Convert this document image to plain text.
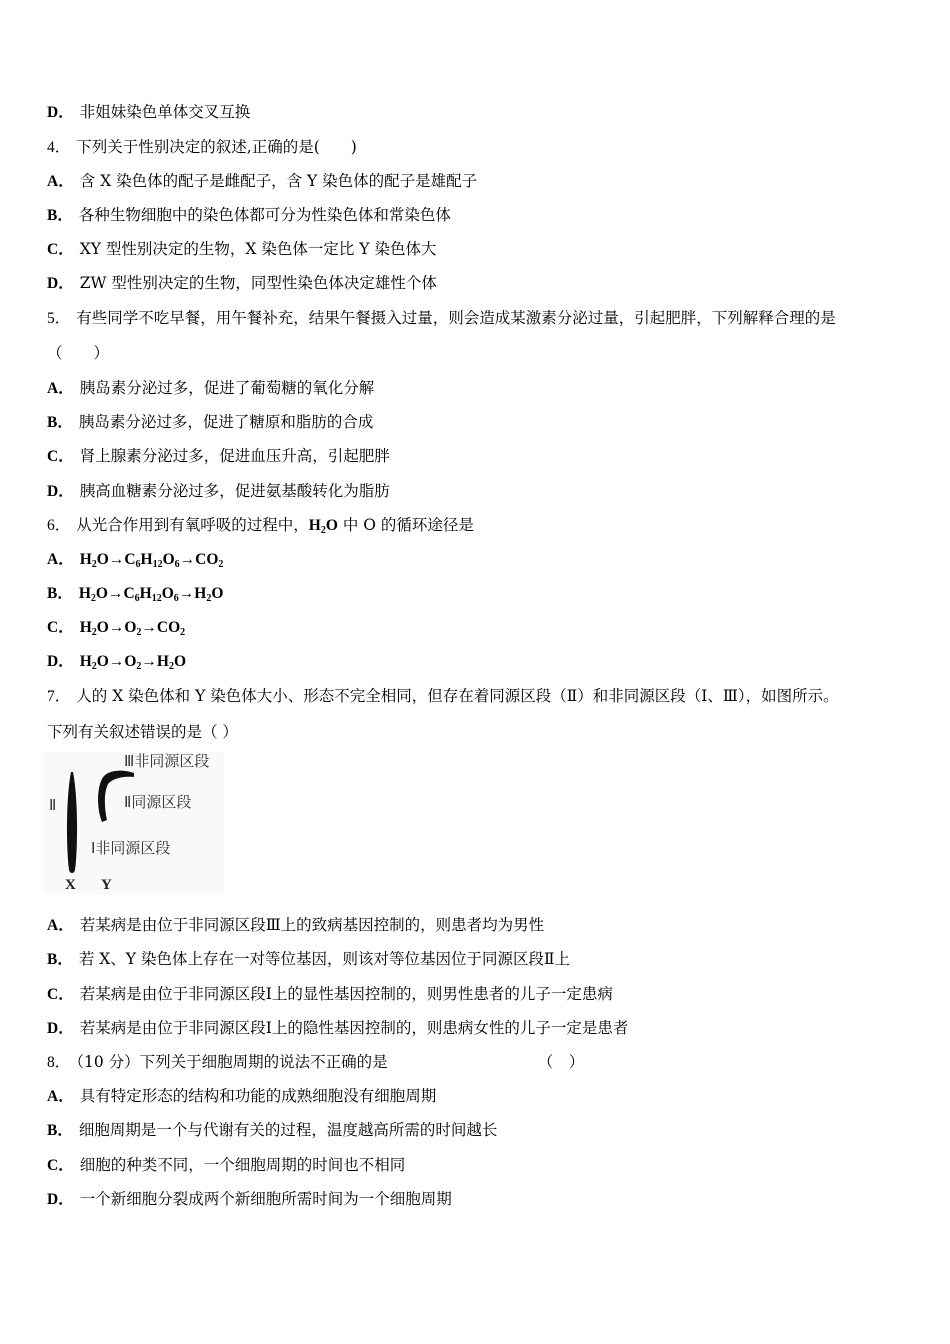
D． 非姐妹染色单体交叉互换
4． 下列关于性别决定的叙述,正确的是(　　)
A． 含 X 染色体的配子是雌配子，含 Y 染色体的配子是雄配子
B． 各种生物细胞中的染色体都可分为性染色体和常染色体
C． XY 型性别决定的生物，X 染色体一定比 Y 染色体大
D． ZW 型性别决定的生物，同型性染色体决定雄性个体
5． 有些同学不吃早餐，用午餐补充，结果午餐摄入过量，则会造成某激素分泌过量，引起肥胖，下列解释合理的是
（　　）
A． 胰岛素分泌过多，促进了葡萄糖的氧化分解
B． 胰岛素分泌过多，促进了糖原和脂肪的合成
C． 肾上腺素分泌过多，促进血压升高，引起肥胖
D． 胰高血糖素分泌过多，促进氨基酸转化为脂肪
6． 从光合作用到有氧呼吸的过程中，$H_2O$ 中 O 的循环途径是
A． $H_2O\to C_6H_{12}O_6\to CO_2$
B． $H_2O\to C_6H_{12}O_6\to H_2O$
C． $H_2O\to O_2\to CO_2$
D． $H_2O\to O_2\to H_2O$
7． 人的 X 染色体和 Y 染色体大小、形态不完全相同，但存在着同源区段（Ⅱ）和非同源区段（Ⅰ、Ⅲ），如图所示。
下列有关叙述错误的是（ ）
Ⅲ非同源区段
Ⅱ同源区段
Ⅱ
Ⅰ非同源区段
X Y
A． 若某病是由位于非同源区段Ⅲ上的致病基因控制的，则患者均为男性
B． 若 X、Y 染色体上存在一对等位基因，则该对等位基因位于同源区段Ⅱ上
C． 若某病是由位于非同源区段Ⅰ上的显性基因控制的，则男性患者的儿子一定患病
D． 若某病是由位于非同源区段Ⅰ上的隐性基因控制的，则患病女性的儿子一定是患者
8． （10 分）下列关于细胞周期的说法不正确的是	（　）
A． 具有特定形态的结构和功能的成熟细胞没有细胞周期
B． 细胞周期是一个与代谢有关的过程，温度越高所需的时间越长
C． 细胞的种类不同，一个细胞周期的时间也不相同
D． 一个新细胞分裂成两个新细胞所需时间为一个细胞周期
